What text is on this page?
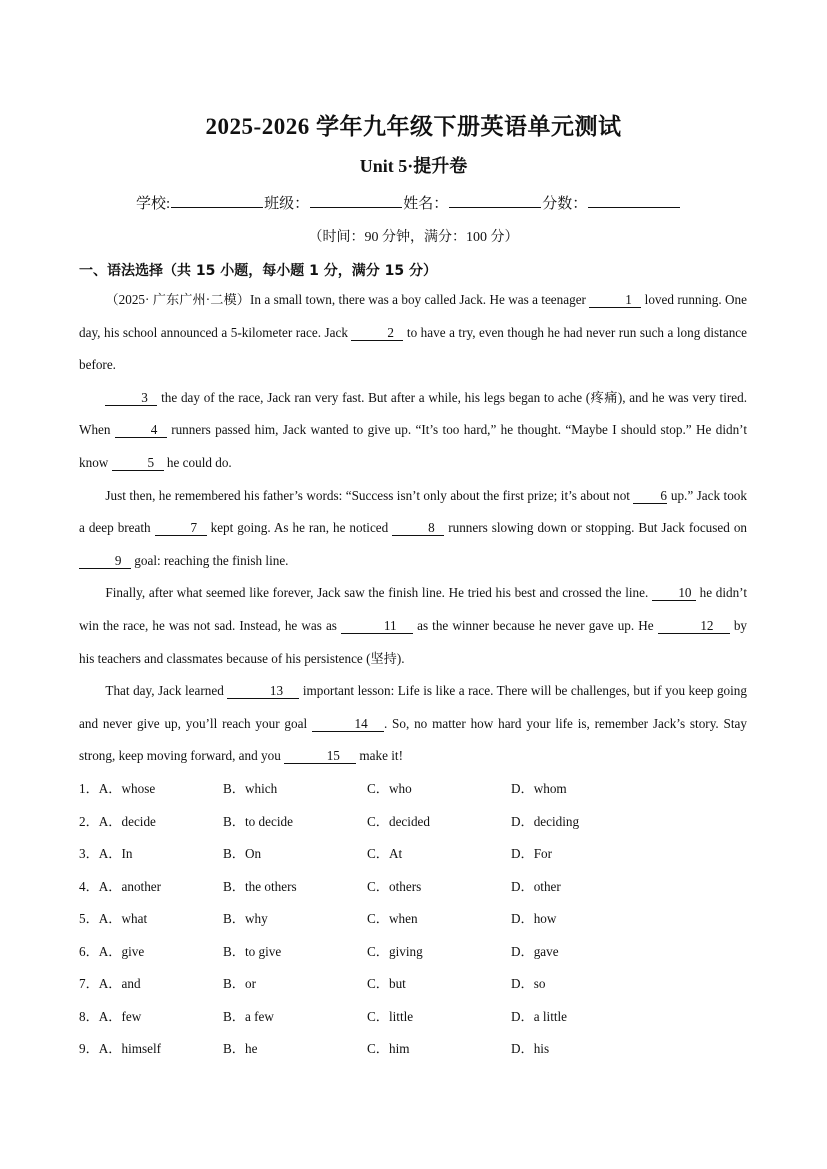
2025-2026 学年九年级下册英语单元测试
Unit 5·提升卷
学校:	班级：	姓名：	分数：
（时间：90 分钟，满分：100 分）
一、语法选择（共 15 小题，每小题 1 分，满分 15 分）

（2025· 广东广州·二模）In a small town, there was a boy called Jack. He was a teenager	1 loved running. One day, his school announced a 5-kilometer race. Jack	2 to have a try, even though he had never run such a long distance before.

3 the day of the race, Jack ran very fast. But after a while, his legs began to ache (疼痛), and he was very tired. When	4 runners passed him, Jack wanted to give up. “It’s too hard,” he thought. “Maybe I should stop.” He didn’t know	5 he could do.

Just then, he remembered his father’s words: “Success isn’t only about the first prize; it’s about not 6 up.” Jack took a deep breath	7 kept going. As he ran, he noticed	8 runners slowing down or stopping. But Jack focused on 9 goal: reaching the finish line.

Finally, after what seemed like forever, Jack saw the finish line. He tried his best and crossed the line. 10 he didn’t win the race, he was not sad. Instead, he was as	11 as the winner because he never gave up. He	12 by his teachers and classmates because of his persistence (坚持).

That day, Jack learned	13 important lesson: Life is like a race. There will be challenges, but if you keep going and never give up, you’ll reach your goal	14 . So, no matter how hard your life is, remember Jack’s story. Stay strong, keep moving forward, and you	15 make it!

1．A．whose	B．which	C．who	D．whom
2．A．decide	B．to decide	C．decided	D．deciding
3．A．In	B．On	C．At	D．For
4．A．another	B．the others	C．others	D．other
5．A．what	B．why	C．when	D．how
6．A．give	B．to give	C．giving	D．gave
7．A．and	B．or	C．but	D．so
8．A．few	B．a few	C．little	D．a little
9．A．himself	B．he	C．him	D．his
